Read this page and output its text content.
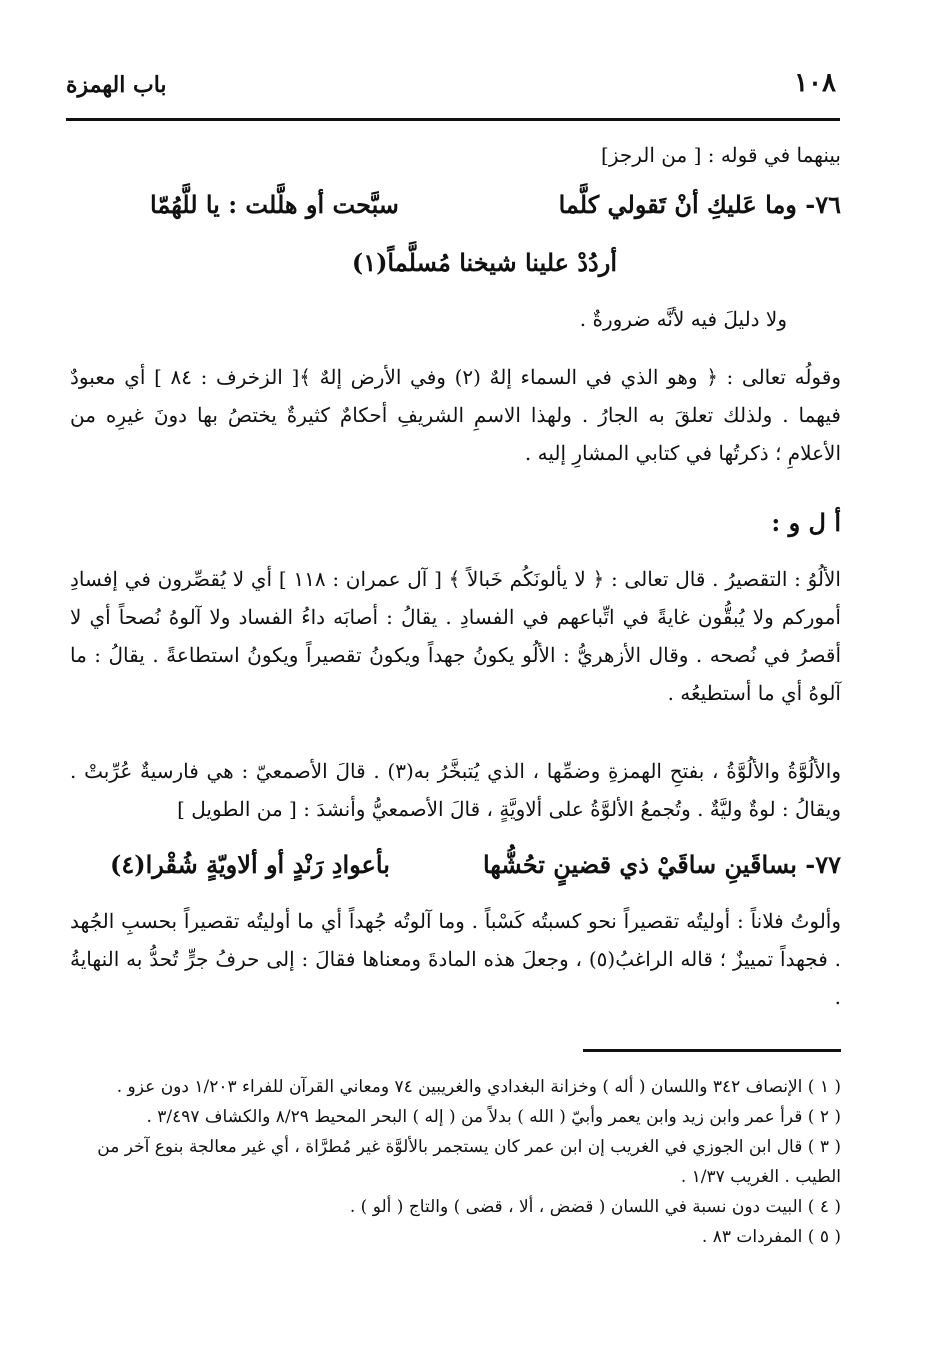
١٠٨
باب الهمزة

بينهما في قوله : [ من الرجز]

٧٦- وما عَليكِ أنْ تَقولي كلَّما
سبَّحت أو هلَّلت : يا للَّهُمّا
أردُدْ علينا شيخنا مُسلَّماً(١)

ولا دليلَ فيه لأنَّه ضرورةٌ .

وقولُه تعالى : ﴿ وهو الذي في السماء إلهٌ (٢) وفي الأرض إلهٌ ﴾[ الزخرف : ٨٤ ] أي معبودٌ فيهما . ولذلك تعلقَ به الجارُ . ولهذا الاسمِ الشريفِ أحكامٌ كثيرةٌ يختصُ بها دونَ غيرِه من الأعلامِ ؛ ذكرتُها في كتابي المشارِ إليه .

أ ل و :

الألُوُ : التقصيرُ . قال تعالى : ﴿ لا يألونَكُم خَبالاً ﴾ [ آل عمران : ١١٨ ] أي لا يُقصِّرون في إفسادِ أموركم ولا يُبقُّون غايةً في اتِّباعهم في الفسادِ . يقالُ : أصابَه داءُ الفساد ولا آلوهُ نُصحاً أي لا أقصرُ في نُصحه . وقال الأزهريُّ : الألُو يكونُ جهداً ويكونُ تقصيراً ويكونُ استطاعةً . يقالُ : ما آلوهُ أي ما أستطيعُه .

والألُوَّةُ والألُوَّةُ ، بفتحِ الهمزةِ وضمِّها ، الذي يُتبخَّرُ به(٣) . قالَ الأصمعيّ : هي فارسيةٌ عُرِّبتْ . ويقالُ : لوةٌ وليَّةٌ . وتُجمعُ الألوَّةُ على ألاويَّةٍ ، قالَ الأصمعيُّ وأنشدَ : [ من الطويل ]

٧٧- بساقَينِ ساقَيْ ذي قضينٍ تحُشُّها
بأعوادِ رَنْدٍ أو ألاويّةٍ شُقْرا(٤)

وألوتُ فلاناً : أوليتُه تقصيراً نحو كسبتُه كَسْباً . وما آلوتُه جُهداً أي ما أوليتُه تقصيراً بحسبِ الجُهد . فجهداً تمييزٌ ؛ قاله الراغبُ(٥) ، وجعلَ هذه المادةَ ومعناها فقالَ : إلى حرفُ جرٍّ تُحدُّ به النهايةُ .

( ١ ) الإنصاف ٣٤٢ واللسان ( أله ) وخزانة البغدادي والغريبين ٧٤ ومعاني القرآن للفراء ١/٢٠٣ دون عزو .

( ٢ ) قرأ عمر وابن زيد وابن يعمر وأبيّ ( الله ) بدلاً من ( إله ) البحر المحيط ٨/٢٩ والكشاف ٣/٤٩٧ .

( ٣ ) قال ابن الجوزي في الغريب إن ابن عمر كان يستجمر بالألوَّة غير مُطرَّاة ، أي غير معالجة بنوع آخر من الطيب . الغريب ١/٣٧ .

( ٤ ) البيت دون نسبة في اللسان ( قضض ، ألا ، قضى ) والتاج ( ألو ) .

( ٥ ) المفردات ٨٣ .
